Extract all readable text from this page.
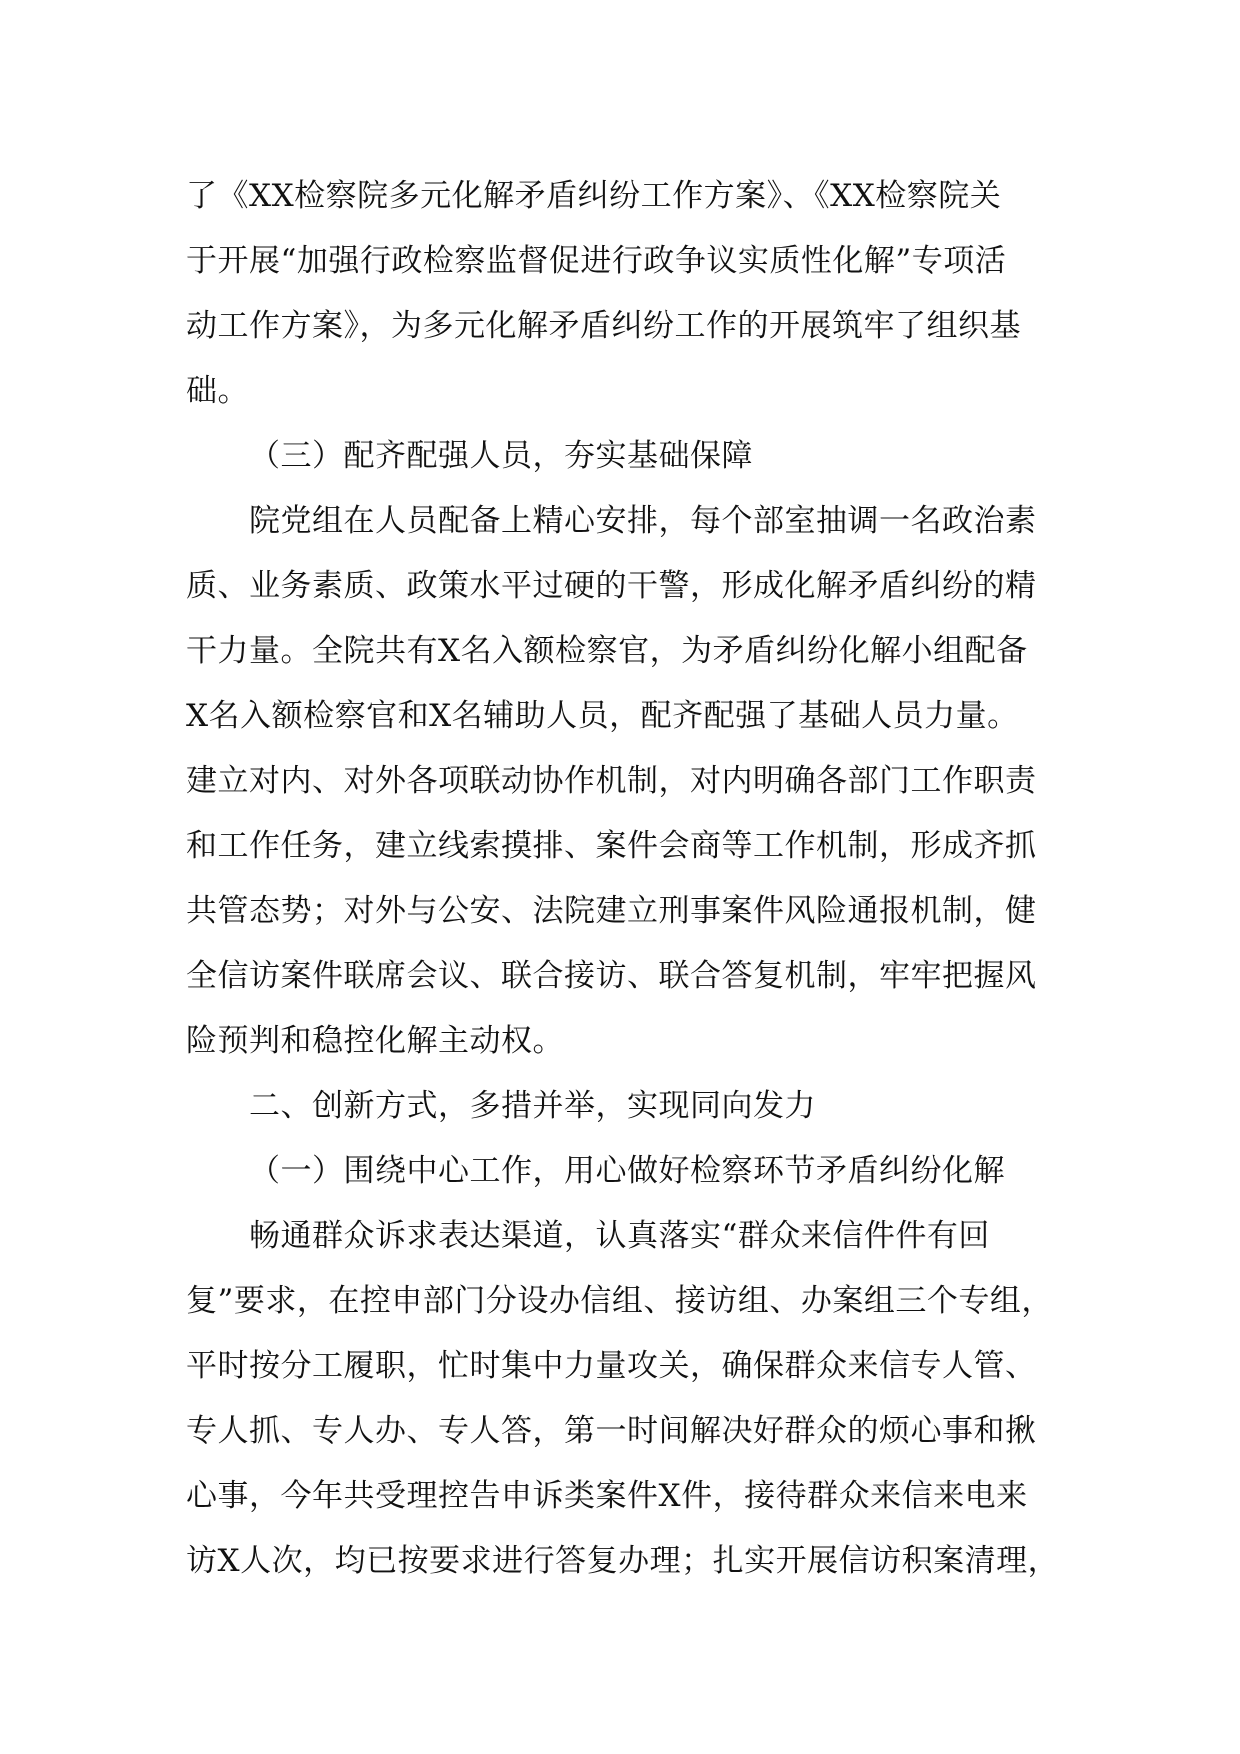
了《XX检察院多元化解矛盾纠纷工作方案》、《XX检察院关
于开展“加强行政检察监督促进行政争议实质性化解”专项活
动工作方案》，为多元化解矛盾纠纷工作的开展筑牢了组织基
础。
（三）配齐配强人员，夯实基础保障
院党组在人员配备上精心安排，每个部室抽调一名政治素
质、业务素质、政策水平过硬的干警，形成化解矛盾纠纷的精
干力量。全院共有X名入额检察官，为矛盾纠纷化解小组配备
X名入额检察官和X名辅助人员，配齐配强了基础人员力量。
建立对内、对外各项联动协作机制，对内明确各部门工作职责
和工作任务，建立线索摸排、案件会商等工作机制，形成齐抓
共管态势；对外与公安、法院建立刑事案件风险通报机制，健
全信访案件联席会议、联合接访、联合答复机制，牢牢把握风
险预判和稳控化解主动权。
二、创新方式，多措并举，实现同向发力
（一）围绕中心工作，用心做好检察环节矛盾纠纷化解
畅通群众诉求表达渠道，认真落实“群众来信件件有回
复”要求，在控申部门分设办信组、接访组、办案组三个专组，
平时按分工履职，忙时集中力量攻关，确保群众来信专人管、
专人抓、专人办、专人答，第一时间解决好群众的烦心事和揪
心事，今年共受理控告申诉类案件X件，接待群众来信来电来
访X人次，均已按要求进行答复办理；扎实开展信访积案清理，
